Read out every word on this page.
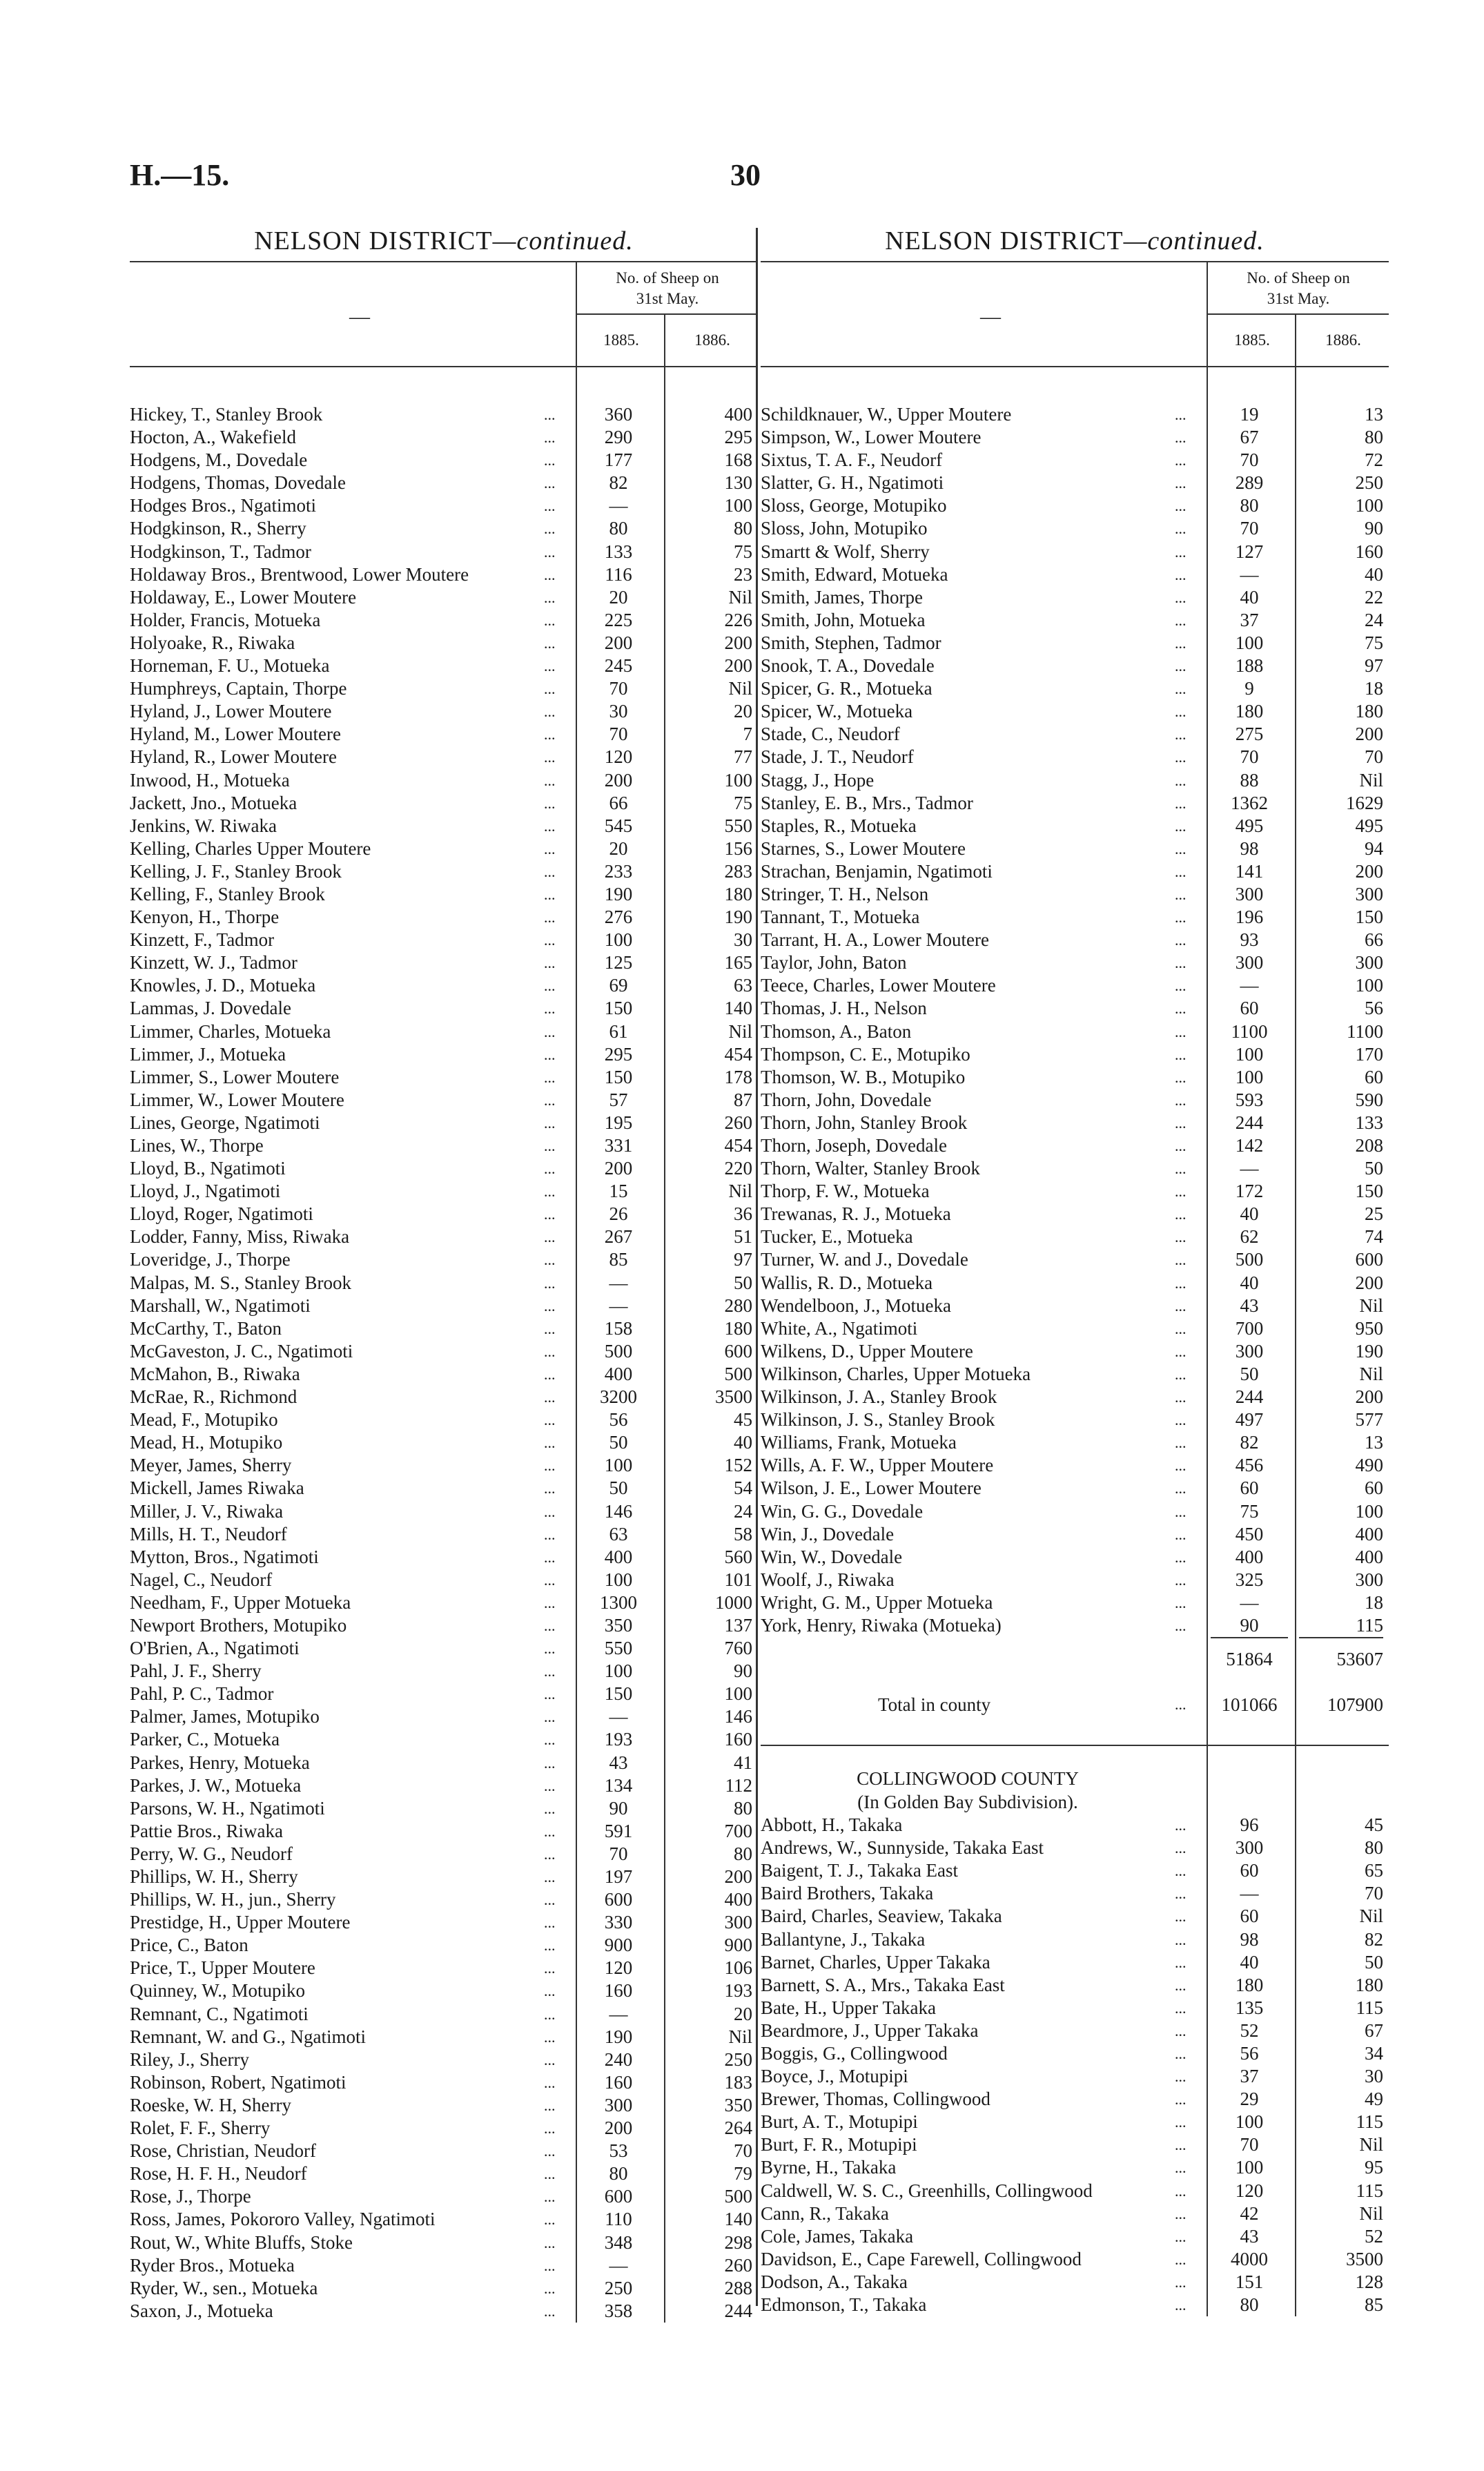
H.—15.	30
NELSON DISTRICT—continued.
—
No. of Sheep on
31st May.
1885.	1886.
Hickey, T., Stanley Brook	...	360	400
Hocton, A., Wakefield	...	290	295
Hodgens, M., Dovedale	...	177	168
Hodgens, Thomas, Dovedale	...	82	130
Hodges Bros., Ngatimoti	...	—	100
Hodgkinson, R., Sherry	...	80	80
Hodgkinson, T., Tadmor	...	133	75
Holdaway Bros., Brentwood, Lower Moutere	...	116	23
Holdaway, E., Lower Moutere	...	20	Nil
Holder, Francis, Motueka	...	225	226
Holyoake, R., Riwaka	...	200	200
Horneman, F. U., Motueka	...	245	200
Humphreys, Captain, Thorpe	...	70	Nil
Hyland, J., Lower Moutere	...	30	20
Hyland, M., Lower Moutere	...	70	7
Hyland, R., Lower Moutere	...	120	77
Inwood, H., Motueka	...	200	100
Jackett, Jno., Motueka	...	66	75
Jenkins, W. Riwaka	...	545	550
Kelling, Charles Upper Moutere	...	20	156
Kelling, J. F., Stanley Brook	...	233	283
Kelling, F., Stanley Brook	...	190	180
Kenyon, H., Thorpe	...	276	190
Kinzett, F., Tadmor	...	100	30
Kinzett, W. J., Tadmor	...	125	165
Knowles, J. D., Motueka	...	69	63
Lammas, J. Dovedale	...	150	140
Limmer, Charles, Motueka	...	61	Nil
Limmer, J., Motueka	...	295	454
Limmer, S., Lower Moutere	...	150	178
Limmer, W., Lower Moutere	...	57	87
Lines, George, Ngatimoti	...	195	260
Lines, W., Thorpe	...	331	454
Lloyd, B., Ngatimoti	...	200	220
Lloyd, J., Ngatimoti	...	15	Nil
Lloyd, Roger, Ngatimoti	...	26	36
Lodder, Fanny, Miss, Riwaka	...	267	51
Loveridge, J., Thorpe	...	85	97
Malpas, M. S., Stanley Brook	...	—	50
Marshall, W., Ngatimoti	...	—	280
McCarthy, T., Baton	...	158	180
McGaveston, J. C., Ngatimoti	...	500	600
McMahon, B., Riwaka	...	400	500
McRae, R., Richmond	...	3200	3500
Mead, F., Motupiko	...	56	45
Mead, H., Motupiko	...	50	40
Meyer, James, Sherry	...	100	152
Mickell, James Riwaka	...	50	54
Miller, J. V., Riwaka	...	146	24
Mills, H. T., Neudorf	...	63	58
Mytton, Bros., Ngatimoti	...	400	560
Nagel, C., Neudorf	...	100	101
Needham, F., Upper Motueka	...	1300	1000
Newport Brothers, Motupiko	...	350	137
O'Brien, A., Ngatimoti	...	550	760
Pahl, J. F., Sherry	...	100	90
Pahl, P. C., Tadmor	...	150	100
Palmer, James, Motupiko	...	—	146
Parker, C., Motueka	...	193	160
Parkes, Henry, Motueka	...	43	41
Parkes, J. W., Motueka	...	134	112
Parsons, W. H., Ngatimoti	...	90	80
Pattie Bros., Riwaka	...	591	700
Perry, W. G., Neudorf	...	70	80
Phillips, W. H., Sherry	...	197	200
Phillips, W. H., jun., Sherry	...	600	400
Prestidge, H., Upper Moutere	...	330	300
Price, C., Baton	...	900	900
Price, T., Upper Moutere	...	120	106
Quinney, W., Motupiko	...	160	193
Remnant, C., Ngatimoti	...	—	20
Remnant, W. and G., Ngatimoti	...	190	Nil
Riley, J., Sherry	...	240	250
Robinson, Robert, Ngatimoti	...	160	183
Roeske, W. H, Sherry	...	300	350
Rolet, F. F., Sherry	...	200	264
Rose, Christian, Neudorf	...	53	70
Rose, H. F. H., Neudorf	...	80	79
Rose, J., Thorpe	...	600	500
Ross, James, Pokororo Valley, Ngatimoti	...	110	140
Rout, W., White Bluffs, Stoke	...	348	298
Ryder Bros., Motueka	...	—	260
Ryder, W., sen., Motueka	...	250	288
Saxon, J., Motueka	...	358	244
NELSON DISTRICT—continued.
—
No. of Sheep on
31st May.
1885.	1886.
Schildknauer, W., Upper Moutere	...	19	13
Simpson, W., Lower Moutere	...	67	80
Sixtus, T. A. F., Neudorf	...	70	72
Slatter, G. H., Ngatimoti	...	289	250
Sloss, George, Motupiko	...	80	100
Sloss, John, Motupiko	...	70	90
Smartt & Wolf, Sherry	...	127	160
Smith, Edward, Motueka	...	—	40
Smith, James, Thorpe	...	40	22
Smith, John, Motueka	...	37	24
Smith, Stephen, Tadmor	...	100	75
Snook, T. A., Dovedale	...	188	97
Spicer, G. R., Motueka	...	9	18
Spicer, W., Motueka	...	180	180
Stade, C., Neudorf	...	275	200
Stade, J. T., Neudorf	...	70	70
Stagg, J., Hope	...	88	Nil
Stanley, E. B., Mrs., Tadmor	...	1362	1629
Staples, R., Motueka	...	495	495
Starnes, S., Lower Moutere	...	98	94
Strachan, Benjamin, Ngatimoti	...	141	200
Stringer, T. H., Nelson	...	300	300
Tannant, T., Motueka	...	196	150
Tarrant, H. A., Lower Moutere	...	93	66
Taylor, John, Baton	...	300	300
Teece, Charles, Lower Moutere	...	—	100
Thomas, J. H., Nelson	...	60	56
Thomson, A., Baton	...	1100	1100
Thompson, C. E., Motupiko	...	100	170
Thomson, W. B., Motupiko	...	100	60
Thorn, John, Dovedale	...	593	590
Thorn, John, Stanley Brook	...	244	133
Thorn, Joseph, Dovedale	...	142	208
Thorn, Walter, Stanley Brook	...	—	50
Thorp, F. W., Motueka	...	172	150
Trewanas, R. J., Motueka	...	40	25
Tucker, E., Motueka	...	62	74
Turner, W. and J., Dovedale	...	500	600
Wallis, R. D., Motueka	...	40	200
Wendelboon, J., Motueka	...	43	Nil
White, A., Ngatimoti	...	700	950
Wilkens, D., Upper Moutere	...	300	190
Wilkinson, Charles, Upper Motueka	...	50	Nil
Wilkinson, J. A., Stanley Brook	...	244	200
Wilkinson, J. S., Stanley Brook	...	497	577
Williams, Frank, Motueka	...	82	13
Wills, A. F. W., Upper Moutere	...	456	490
Wilson, J. E., Lower Moutere	...	60	60
Win, G. G., Dovedale	...	75	100
Win, J., Dovedale	...	450	400
Win, W., Dovedale	...	400	400
Woolf, J., Riwaka	...	325	300
Wright, G. M., Upper Motueka	...	—	18
York, Henry, Riwaka (Motueka)	...	90	115
51864	53607
Total in county	...	101066	107900
COLLINGWOOD COUNTY
(In Golden Bay Subdivision).
Abbott, H., Takaka	...	96	45
Andrews, W., Sunnyside, Takaka East	...	300	80
Baigent, T. J., Takaka East	...	60	65
Baird Brothers, Takaka	...	—	70
Baird, Charles, Seaview, Takaka	...	60	Nil
Ballantyne, J., Takaka	...	98	82
Barnet, Charles, Upper Takaka	...	40	50
Barnett, S. A., Mrs., Takaka East	...	180	180
Bate, H., Upper Takaka	...	135	115
Beardmore, J., Upper Takaka	...	52	67
Boggis, G., Collingwood	...	56	34
Boyce, J., Motupipi	...	37	30
Brewer, Thomas, Collingwood	...	29	49
Burt, A. T., Motupipi	...	100	115
Burt, F. R., Motupipi	...	70	Nil
Byrne, H., Takaka	...	100	95
Caldwell, W. S. C., Greenhills, Collingwood	...	120	115
Cann, R., Takaka	...	42	Nil
Cole, James, Takaka	...	43	52
Davidson, E., Cape Farewell, Collingwood	...	4000	3500
Dodson, A., Takaka	...	151	128
Edmonson, T., Takaka	...	80	85
